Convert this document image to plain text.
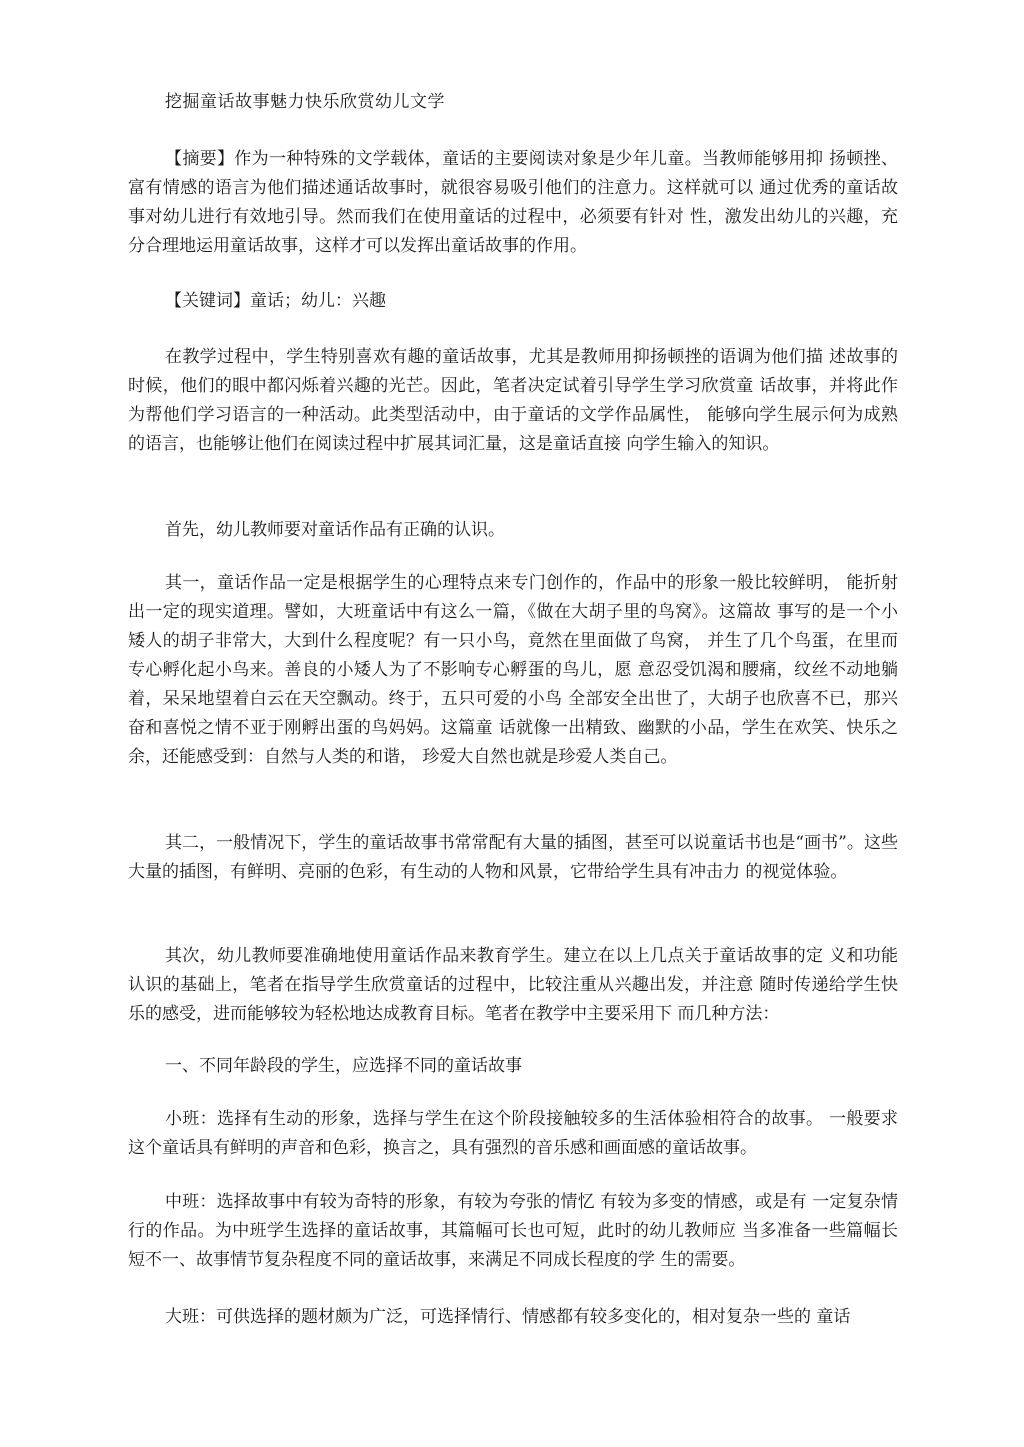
挖掘童话故事魅力快乐欣赏幼儿文学

【摘要】作为一种特殊的文学载体，童话的主要阅读对象是少年儿童。当教师能够用抑 扬顿挫、富有情感的语言为他们描述通话故事时，就很容易吸引他们的注意力。这样就可以 通过优秀的童话故事对幼儿进行有效地引导。然而我们在使用童话的过程中，必须要有针对 性，激发出幼儿的兴趣，充分合理地运用童话故事，这样才可以发挥出童话故事的作用。

【关键词】童话；幼儿：兴趣

在教学过程中，学生特别喜欢有趣的童话故事，尤其是教师用抑扬顿挫的语调为他们描 述故事的时候，他们的眼中都闪烁着兴趣的光芒。因此，笔者决定试着引导学生学习欣赏童 话故事，并将此作为帮他们学习语言的一种活动。此类型活动中，由于童话的文学作品属性， 能够向学生展示何为成熟的语言，也能够让他们在阅读过程中扩展其词汇量，这是童话直接 向学生输入的知识。

首先，幼儿教师要对童话作品有正确的认识。

其一，童话作品一定是根据学生的心理特点来专门创作的，作品中的形象一般比较鲜明， 能折射出一定的现实道理。譬如，大班童话中有这么一篇，《做在大胡子里的鸟窝》。这篇故 事写的是一个小矮人的胡子非常大，大到什么程度呢？有一只小鸟，竟然在里面做了鸟窝， 并生了几个鸟蛋，在里而专心孵化起小鸟来。善良的小矮人为了不影响专心孵蛋的鸟儿，愿 意忍受饥渴和腰痛，纹丝不动地躺着，呆呆地望着白云在天空飘动。终于，五只可爱的小鸟 全部安全出世了，大胡子也欣喜不已，那兴奋和喜悦之情不亚于刚孵出蛋的鸟妈妈。这篇童 话就像一出精致、幽默的小品，学生在欢笑、快乐之余，还能感受到：自然与人类的和谐， 珍爱大自然也就是珍爱人类自己。

其二，一般情况下，学生的童话故事书常常配有大量的插图，甚至可以说童话书也是“画书”。这些大量的插图，有鲜明、亮丽的色彩，有生动的人物和风景，它带给学生具有冲击力 的视觉体验。

其次，幼儿教师要准确地使用童话作品来教育学生。建立在以上几点关于童话故事的定 义和功能认识的基础上，笔者在指导学生欣赏童话的过程中，比较注重从兴趣出发，并注意 随时传递给学生快乐的感受，进而能够较为轻松地达成教育目标。笔者在教学中主要采用下 而几种方法：

一、不同年龄段的学生，应选择不同的童话故事

小班：选择有生动的形象，选择与学生在这个阶段接触较多的生活体验相符合的故事。 一般要求这个童话具有鲜明的声音和色彩，换言之，具有强烈的音乐感和画面感的童话故事。

中班：选择故事中有较为奇特的形象，有较为夸张的情忆 有较为多变的情感，或是有 一定复杂情行的作品。为中班学生选择的童话故事，其篇幅可长也可短，此时的幼儿教师应 当多准备一些篇幅长短不一、故事情节复杂程度不同的童话故事，来满足不同成长程度的学 生的需要。

大班：可供选择的题材颇为广泛，可选择情行、情感都有较多变化的，相对复杂一些的 童话
